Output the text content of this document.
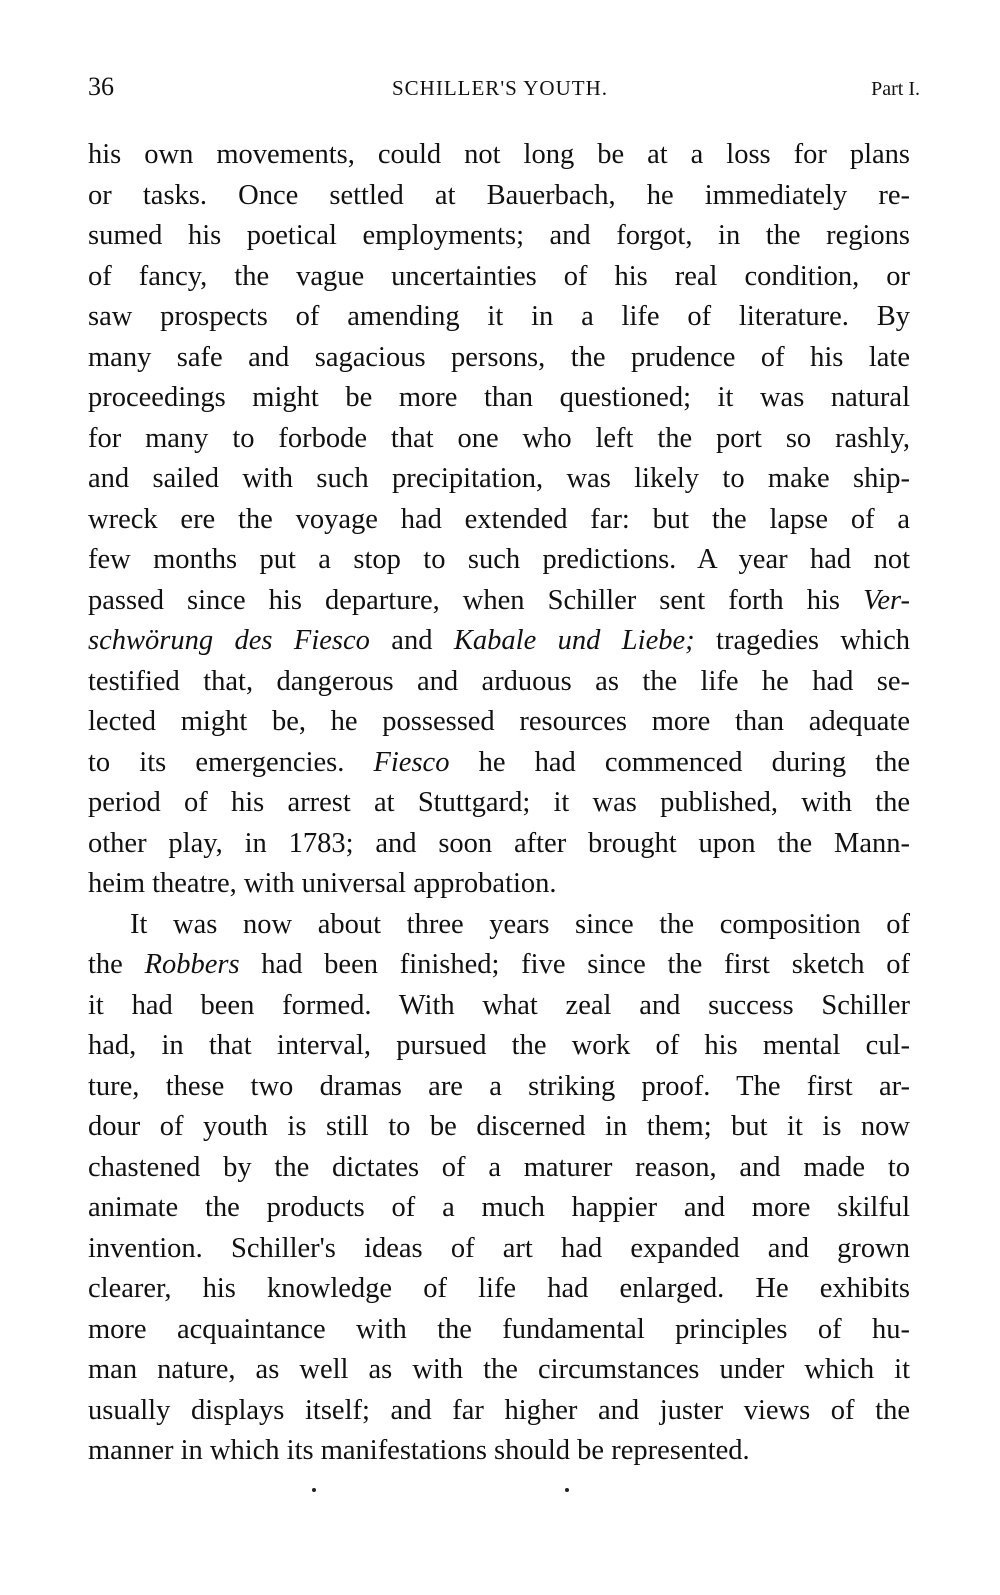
36	SCHILLER'S YOUTH.	Part I.
his own movements, could not long be at a loss for plans
or tasks. Once settled at Bauerbach, he immediately re-
sumed his poetical employments; and forgot, in the regions
of fancy, the vague uncertainties of his real condition, or
saw prospects of amending it in a life of literature. By
many safe and sagacious persons, the prudence of his late
proceedings might be more than questioned; it was natural
for many to forbode that one who left the port so rashly,
and sailed with such precipitation, was likely to make ship-
wreck ere the voyage had extended far: but the lapse of a
few months put a stop to such predictions. A year had not
passed since his departure, when Schiller sent forth his Ver-
schwörung des Fiesco and Kabale und Liebe; tragedies which
testified that, dangerous and arduous as the life he had se-
lected might be, he possessed resources more than adequate
to its emergencies. Fiesco he had commenced during the
period of his arrest at Stuttgard; it was published, with the
other play, in 1783; and soon after brought upon the Mann-
heim theatre, with universal approbation.
It was now about three years since the composition of
the Robbers had been finished; five since the first sketch of
it had been formed. With what zeal and success Schiller
had, in that interval, pursued the work of his mental cul-
ture, these two dramas are a striking proof. The first ar-
dour of youth is still to be discerned in them; but it is now
chastened by the dictates of a maturer reason, and made to
animate the products of a much happier and more skilful
invention. Schiller's ideas of art had expanded and grown
clearer, his knowledge of life had enlarged. He exhibits
more acquaintance with the fundamental principles of hu-
man nature, as well as with the circumstances under which it
usually displays itself; and far higher and juster views of the
manner in which its manifestations should be represented.
